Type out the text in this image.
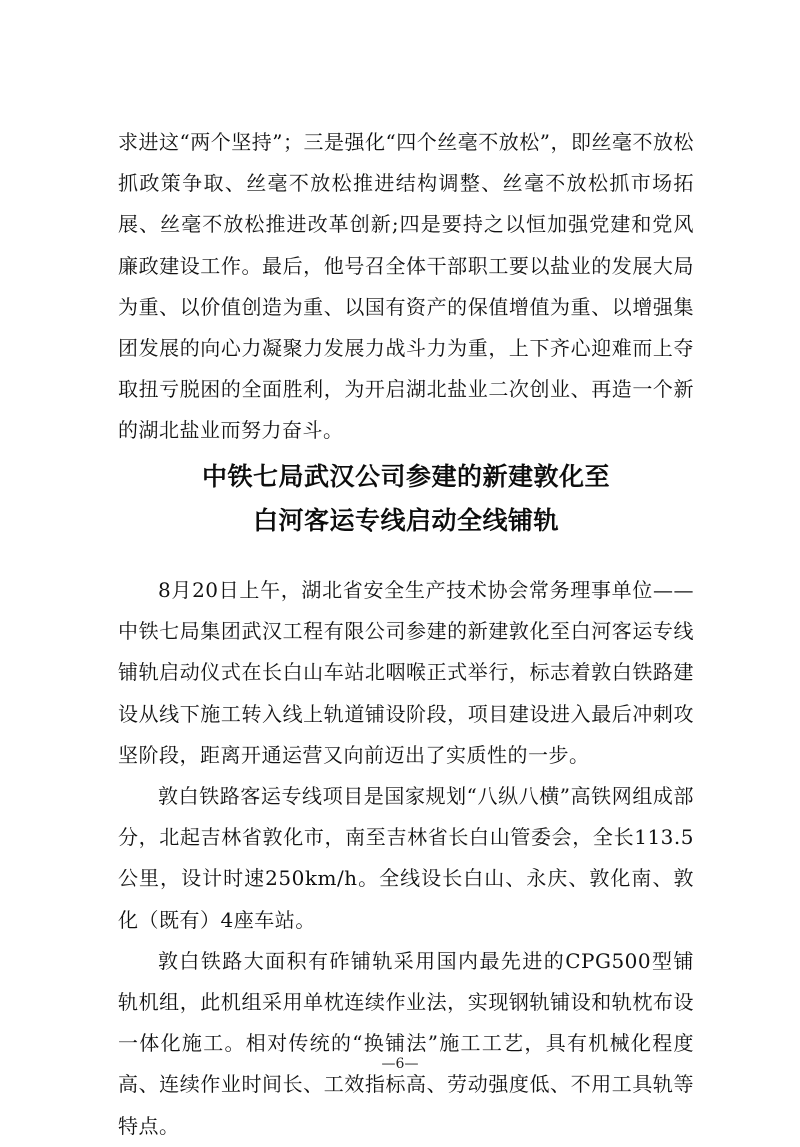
求进这“两个坚持”；三是强化“四个丝毫不放松”，即丝毫不放松抓政策争取、丝毫不放松推进结构调整、丝毫不放松抓市场拓展、丝毫不放松推进改革创新;四是要持之以恒加强党建和党风廉政建设工作。最后，他号召全体干部职工要以盐业的发展大局为重、以价值创造为重、以国有资产的保值增值为重、以增强集团发展的向心力凝聚力发展力战斗力为重，上下齐心迎难而上夺取扭亏脱困的全面胜利，为开启湖北盐业二次创业、再造一个新的湖北盐业而努力奋斗。

中铁七局武汉公司参建的新建敦化至
白河客运专线启动全线铺轨

8月20日上午，湖北省安全生产技术协会常务理事单位——中铁七局集团武汉工程有限公司参建的新建敦化至白河客运专线铺轨启动仪式在长白山车站北咽喉正式举行，标志着敦白铁路建设从线下施工转入线上轨道铺设阶段，项目建设进入最后冲刺攻坚阶段，距离开通运营又向前迈出了实质性的一步。

敦白铁路客运专线项目是国家规划“八纵八横”高铁网组成部分，北起吉林省敦化市，南至吉林省长白山管委会，全长113.5公里，设计时速250km/h。全线设长白山、永庆、敦化南、敦化（既有）4座车站。

敦白铁路大面积有砟铺轨采用国内最先进的CPG500型铺轨机组，此机组采用单枕连续作业法，实现钢轨铺设和轨枕布设一体化施工。相对传统的“换铺法”施工工艺，具有机械化程度高、连续作业时间长、工效指标高、劳动强度低、不用工具轨等特点。

—6—
